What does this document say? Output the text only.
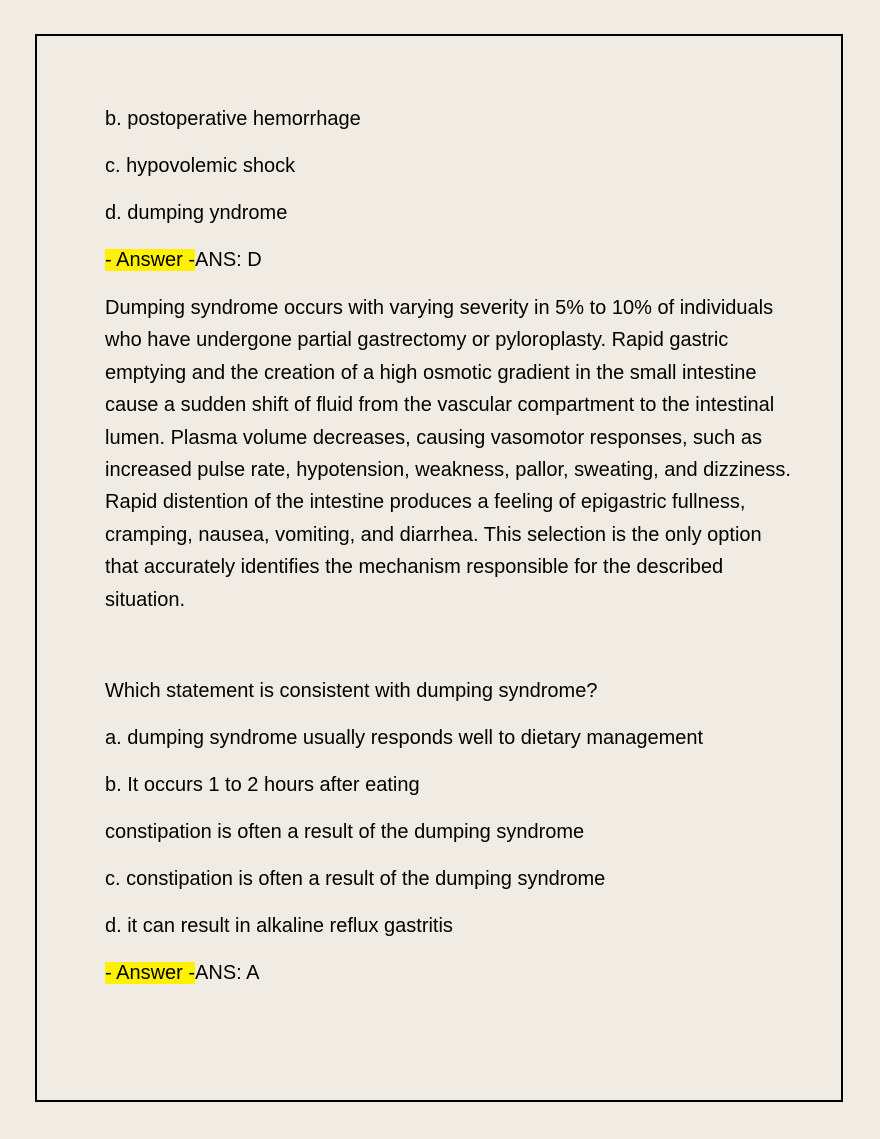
b. postoperative hemorrhage

c. hypovolemic shock

d. dumping yndrome

- Answer -ANS: D

Dumping syndrome occurs with varying severity in 5% to 10% of individuals who have undergone partial gastrectomy or pyloroplasty. Rapid gastric emptying and the creation of a high osmotic gradient in the small intestine cause a sudden shift of fluid from the vascular compartment to the intestinal lumen. Plasma volume decreases, causing vasomotor responses, such as increased pulse rate, hypotension, weakness, pallor, sweating, and dizziness. Rapid distention of the intestine produces a feeling of epigastric fullness, cramping, nausea, vomiting, and diarrhea. This selection is the only option that accurately identifies the mechanism responsible for the described situation.

Which statement is consistent with dumping syndrome?

a. dumping syndrome usually responds well to dietary management

b. It occurs 1 to 2 hours after eating

constipation is often a result of the dumping syndrome

c. constipation is often a result of the dumping syndrome

d. it can result in alkaline reflux gastritis

- Answer -ANS: A
